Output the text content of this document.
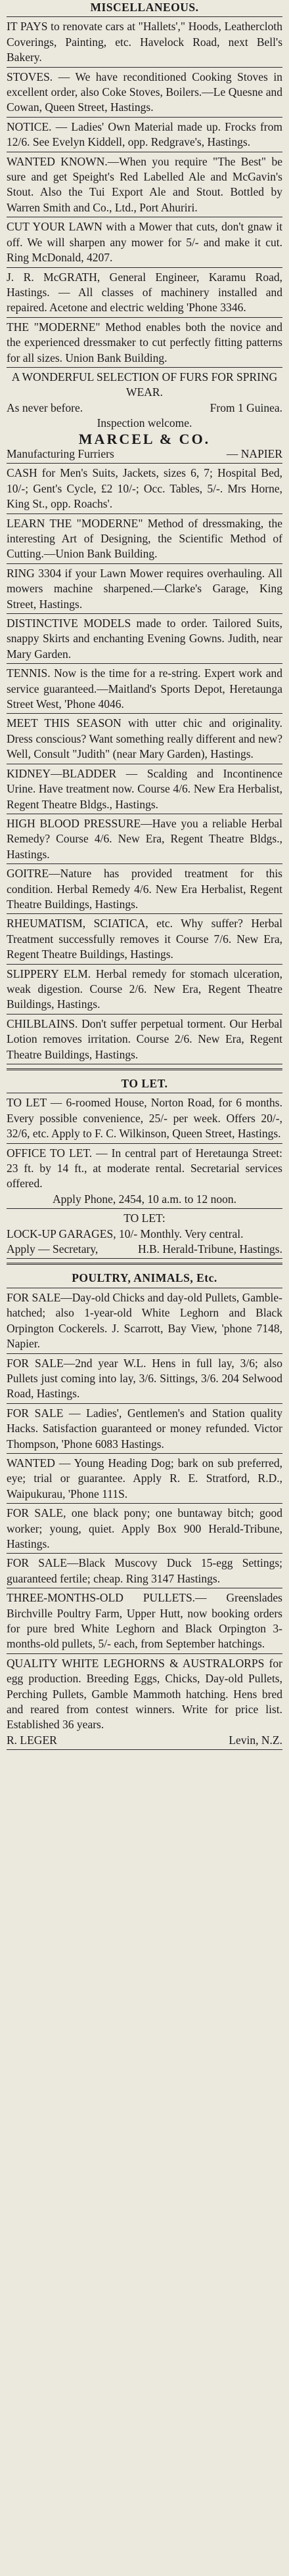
MISCELLANEOUS.

IT PAYS to renovate cars at "Hallets'," Hoods, Leathercloth Coverings, Painting, etc. Havelock Road, next Bell's Bakery.

STOVES. — We have reconditioned Cooking Stoves in excellent order, also Coke Stoves, Boilers.—Le Quesne and Cowan, Queen Street, Hastings.

NOTICE. — Ladies' Own Material made up. Frocks from 12/6. See Evelyn Kiddell, opp. Redgrave's, Hastings.

WANTED KNOWN.—When you require "The Best" be sure and get Speight's Red Labelled Ale and McGavin's Stout. Also the Tui Export Ale and Stout. Bottled by Warren Smith and Co., Ltd., Port Ahuriri.

CUT YOUR LAWN with a Mower that cuts, don't gnaw it off. We will sharpen any mower for 5/- and make it cut. Ring McDonald, 4207.

J. R. McGRATH, General Engineer, Karamu Road, Hastings. — All classes of machinery installed and repaired. Acetone and electric welding 'Phone 3346.

THE "MODERNE" Method enables both the novice and the experienced dressmaker to cut perfectly fitting patterns for all sizes. Union Bank Building.

A WONDERFUL SELECTION OF FURS FOR SPRING WEAR.

As never before.	From 1 Guinea.

Inspection welcome.

MARCEL & CO.

Manufacturing Furriers	— NAPIER

CASH for Men's Suits, Jackets, sizes 6, 7; Hospital Bed, 10/-; Gent's Cycle, £2 10/-; Occ. Tables, 5/-. Mrs Horne, King St., opp. Roachs'.

LEARN THE "MODERNE" Method of dressmaking, the interesting Art of Designing, the Scientific Method of Cutting.—Union Bank Building.

RING 3304 if your Lawn Mower requires overhauling. All mowers machine sharpened.—Clarke's Garage, King Street, Hastings.

DISTINCTIVE MODELS made to order. Tailored Suits, snappy Skirts and enchanting Evening Gowns. Judith, near Mary Garden.

TENNIS. Now is the time for a re-string. Expert work and service guaranteed.—Maitland's Sports Depot, Heretaunga Street West, 'Phone 4046.

MEET THIS SEASON with utter chic and originality. Dress conscious? Want something really different and new? Well, Consult "Judith" (near Mary Garden), Hastings.

KIDNEY—BLADDER — Scalding and Incontinence Urine. Have treatment now. Course 4/6. New Era Herbalist, Regent Theatre Bldgs., Hastings.

HIGH BLOOD PRESSURE—Have you a reliable Herbal Remedy? Course 4/6. New Era, Regent Theatre Bldgs., Hastings.

GOITRE—Nature has provided treatment for this condition. Herbal Remedy 4/6. New Era Herbalist, Regent Theatre Buildings, Hastings.

RHEUMATISM, SCIATICA, etc. Why suffer? Herbal Treatment successfully removes it Course 7/6. New Era, Regent Theatre Buildings, Hastings.

SLIPPERY ELM. Herbal remedy for stomach ulceration, weak digestion. Course 2/6. New Era, Regent Theatre Buildings, Hastings.

CHILBLAINS. Don't suffer perpetual torment. Our Herbal Lotion removes irritation. Course 2/6. New Era, Regent Theatre Buildings, Hastings.

TO LET.

TO LET — 6-roomed House, Norton Road, for 6 months. Every possible convenience, 25/- per week. Offers 20/-, 32/6, etc. Apply to F. C. Wilkinson, Queen Street, Hastings.

OFFICE TO LET. — In central part of Heretaunga Street: 23 ft. by 14 ft., at moderate rental. Secretarial services offered.

Apply Phone, 2454, 10 a.m. to 12 noon.

TO LET:

LOCK-UP GARAGES, 10/- Monthly. Very central.

Apply — Secretary,	H.B. Herald-Tribune, Hastings.
POULTRY, ANIMALS, Etc.

FOR SALE—Day-old Chicks and day-old Pullets, Gamble-hatched; also 1-year-old White Leghorn and Black Orpington Cockerels. J. Scarrott, Bay View, 'phone 7148, Napier.

FOR SALE—2nd year W.L. Hens in full lay, 3/6; also Pullets just coming into lay, 3/6. Sittings, 3/6. 204 Selwood Road, Hastings.

FOR SALE — Ladies', Gentlemen's and Station quality Hacks. Satisfaction guaranteed or money refunded. Victor Thompson, 'Phone 6083 Hastings.

WANTED — Young Heading Dog; bark on sub preferred, eye; trial or guarantee. Apply R. E. Stratford, R.D., Waipukurau, 'Phone 111S.

FOR SALE, one black pony; one buntaway bitch; good worker; young, quiet. Apply Box 900 Herald-Tribune, Hastings.

FOR SALE—Black Muscovy Duck 15-egg Settings; guaranteed fertile; cheap. Ring 3147 Hastings.

THREE-MONTHS-OLD PULLETS.— Greenslades Birchville Poultry Farm, Upper Hutt, now booking orders for pure bred White Leghorn and Black Orpington 3-months-old pullets, 5/- each, from September hatchings.

QUALITY WHITE LEGHORNS & AUSTRALORPS for egg production. Breeding Eggs, Chicks, Day-old Pullets, Perching Pullets, Gamble Mammoth hatching. Hens bred and reared from contest winners. Write for price list. Established 36 years.

R. LEGER	Levin, N.Z.
